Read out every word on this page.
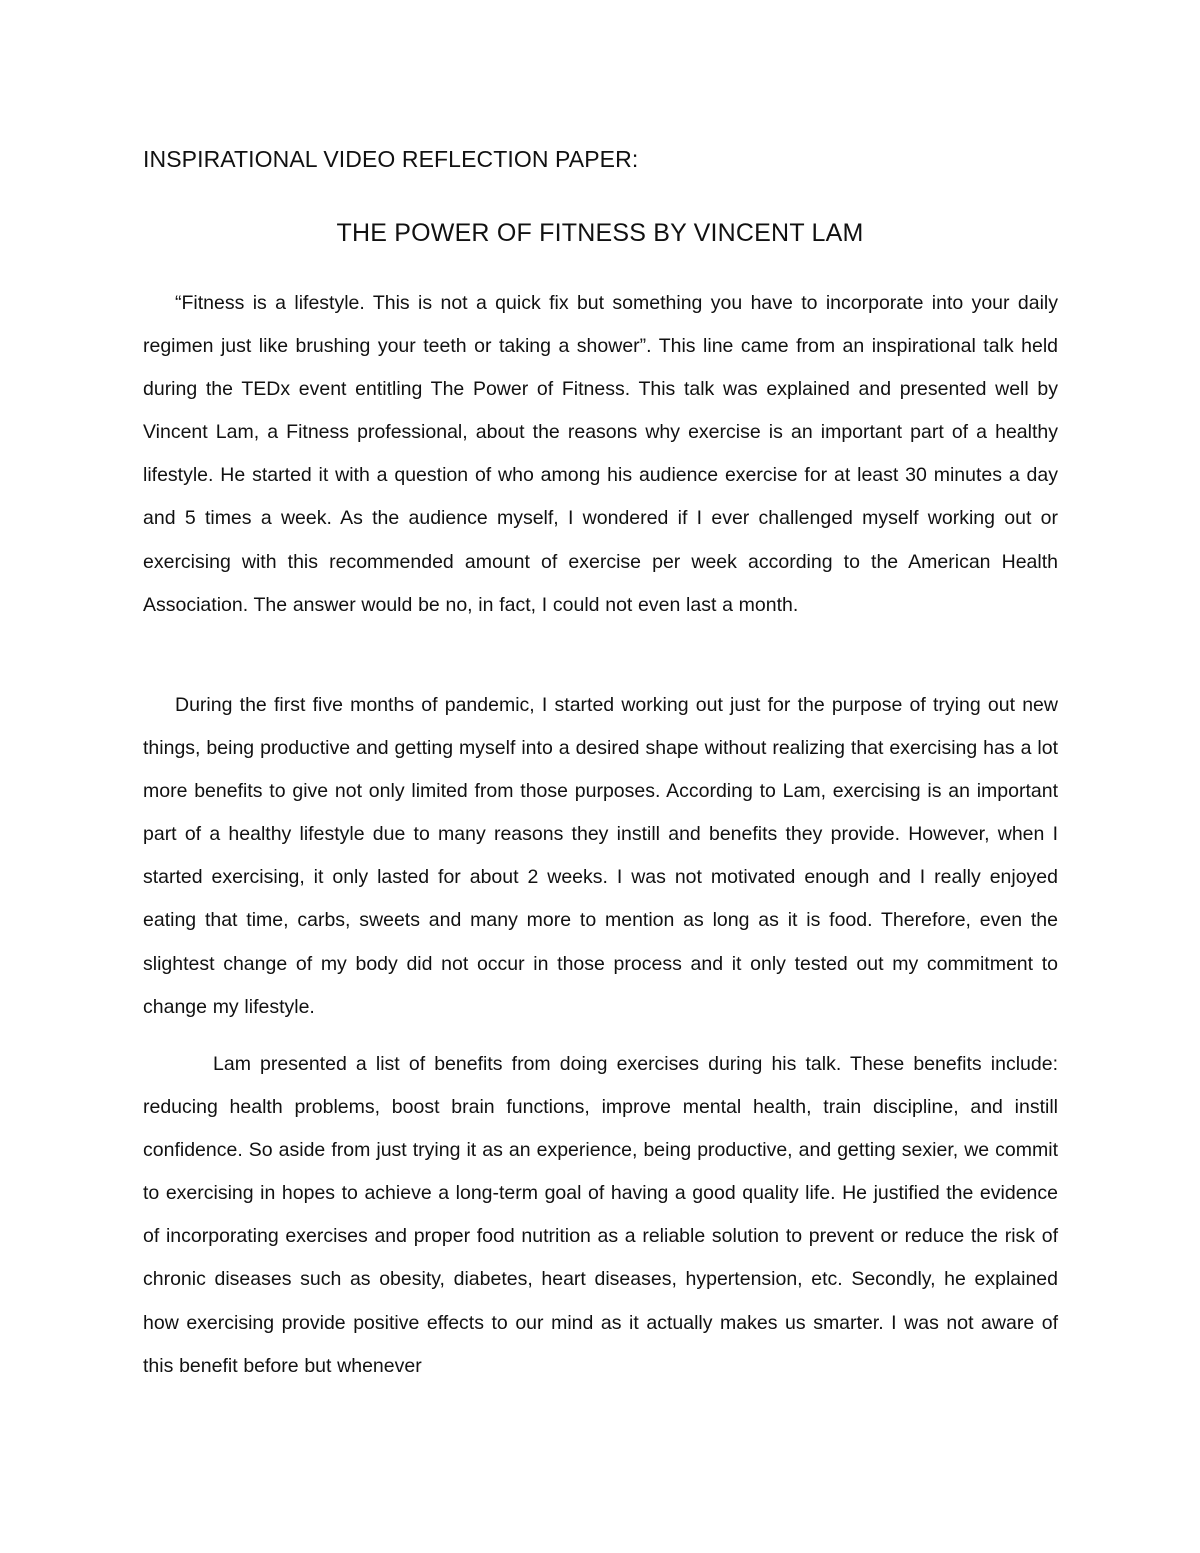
INSPIRATIONAL VIDEO REFLECTION PAPER:
THE POWER OF FITNESS BY VINCENT LAM

“Fitness is a lifestyle. This is not a quick fix but something you have to incorporate into your daily regimen just like brushing your teeth or taking a shower”. This line came from an inspirational talk held during the TEDx event entitling The Power of Fitness. This talk was explained and presented well by Vincent Lam, a Fitness professional, about the reasons why exercise is an important part of a healthy lifestyle. He started it with a question of who among his audience exercise for at least 30 minutes a day and 5 times a week. As the audience myself, I wondered if I ever challenged myself working out or exercising with this recommended amount of exercise per week according to the American Health Association. The answer would be no, in fact, I could not even last a month.

During the first five months of pandemic, I started working out just for the purpose of trying out new things, being productive and getting myself into a desired shape without realizing that exercising has a lot more benefits to give not only limited from those purposes. According to Lam, exercising is an important part of a healthy lifestyle due to many reasons they instill and benefits they provide. However, when I started exercising, it only lasted for about 2 weeks. I was not motivated enough and I really enjoyed eating that time, carbs, sweets and many more to mention as long as it is food. Therefore, even the slightest change of my body did not occur in those process and it only tested out my commitment to change my lifestyle.

Lam presented a list of benefits from doing exercises during his talk. These benefits include: reducing health problems, boost brain functions, improve mental health, train discipline, and instill confidence. So aside from just trying it as an experience, being productive, and getting sexier, we commit to exercising in hopes to achieve a long-term goal of having a good quality life. He justified the evidence of incorporating exercises and proper food nutrition as a reliable solution to prevent or reduce the risk of chronic diseases such as obesity, diabetes, heart diseases, hypertension, etc. Secondly, he explained how exercising provide positive effects to our mind as it actually makes us smarter. I was not aware of this benefit before but whenever
